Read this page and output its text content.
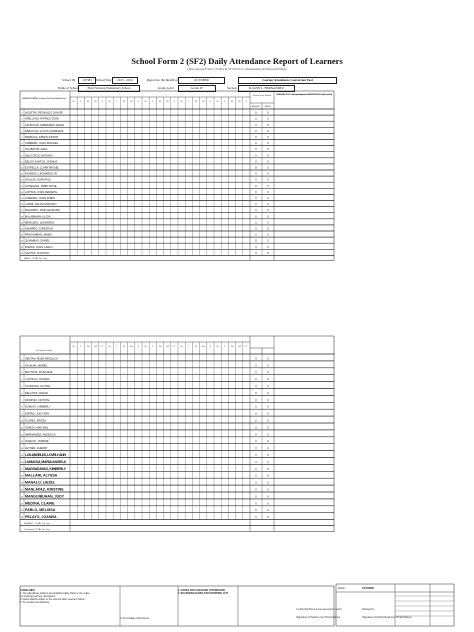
School Form 2 (SF2) Daily Attendance Report of Learners
(This replaces Form 1, Form 2 & STS Form 4 - Absenteeism and Dropout Profile)
School ID	107383	School Year	2015 - 2016	Report for the Month of	OCTOBER	Learner Attendance Conversion Tool
Name of School	Pinit National Elementary School	Grade Level	Grade IV	Section	R.JANN L. HERNANDEZ
M	T W	TH F	M	T W	TH F	M	T W	TH F	M	T W	TH F	M	T W	TH F
LEARNER'S NAME (Last Name, First Name, Middle Name)
Total for the Month
ABSENT TARDY
REMARKS (If DROPPED OUT, state reason, please refer to legend number 2. If TRANSFERRED IN/OUT, write the name of School.)
1 AGUSTIN, REYNALDO JUNIOR	0	0
2 ARELLANO, PATRICK JOHN	0	0
3 ASUNCION, FREDERICK ANGEL	0	0
4 BABAYLAN, LLOYD LAURENCE	0	0
5 BARRACA, ERWIN JUNIOR	0	0
6 CABRERA, JOHN MICHAEL	0	0
7 CALIBAYAN, AIJEL	0	0
8 DELA CRUZ, ANTONIO	0	0
9 DELOS SANTOS, JOSHUA	0	0
10 ESTRELLA, CLARK MIGUEL	0	0
11 FAJARDO, LEONARDO JR.	0	0
12 GALICIA, JOHN PAUL	0	0
13 GONZALES, JIMMY ROSE	0	0
14 LAPITAN, JOHN KENNETH	0	0
15 LORENZO, JOHN ROBIN	0	0
16 LOPEZ, RALPH ANTHONY	0	0
17 MAGTIBAY, JOHN LEONARD	0	0
18 MALABANAN, ALJON	0	0
19 MERCADO, LEONARDO	0	0
20 NAVARRO, CHRISTIAN	0	0
21 PANGANIBAN, JAMES	0	0
22 QUIAMBAO, DANIEL	0	0
23 RAMOS, JOHN CARLO	0	0
24 SANTOS, ANTHONY	0	0
MALE | TOTAL Per Day
M	T W	TH F	M	T W	TH F	M	T W	TH F	M	T W	TH F	M	T W	TH F
(1st row for date)
1 ABUTAN, ROSE ANGELICA	0	0
2 AGUILAR, MARIEL	0	0
3 BAUTISTA, RONA MAE	0	0
4 CASTILLO, JOANNA	0	0
5 CAYETANO, ALYSSA	0	0
6 DELA PAZ, GRACE	0	0
7 DIONISIO, CRYSTAL	0	0
8 DUMLAO, KIMBERLY	0	0
9 ESPINO, JUDY ANN	0	0
10 FLORES, KRIZZA	0	0
11 GARCIA, MAE ANN	0	0
12 HERNANDEZ, ANGELICA	0	0
13 IGNACIO, JASMINE	0	0
14 LEYNES, CHERRY	0	0
15 LOS ANGELES, LOVELY ANN	0	0
16 LUMAGUI, MARIA ANGELA	0	0
17 MAGSADAYAO, KIMBERLY	0	0
18 MALLARI, ALYSSA	0	0
19 MANALO, LIEZEL	0	0
20 MANLAPAZ, KRISTINE	0	0
21 MANGUIBUHAN, JUDY	0	0
22 MEDINA, CLAIRE	0	0
23 PABLO, MELISSA	0	0
24 PELAYO, JOANNA	0	0
FEMALE | TOTAL Per Day
Combined TOTAL Per Day
GUIDELINES:
1. The attendance shall be accomplished daily. Refer to the codes for checking learners' attendance.
2. Dates shall be written in the columns after Learner's Name.
3. To compute the following:
1. CODES FOR CHECKING ATTENDANCE
2. REASONS/CAUSES FOR DROPPING OUT
1. Percentage of Enrolment
Month:	OCTOBER
I certify that this is a true and correct report.
(Signature of Teacher over Printed Name)
Attested by:
(Signature of School Head over Printed Name)
